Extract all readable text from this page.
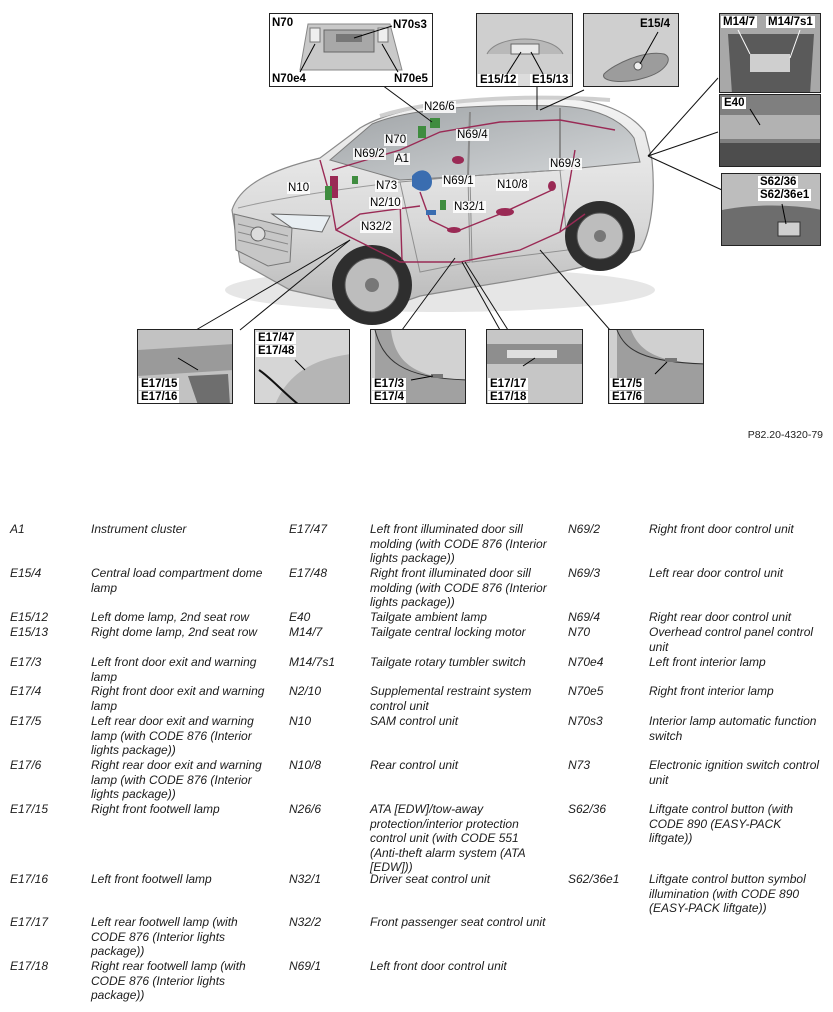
N26/6
N70	N69/4
N69/2 A1	N69/3
N10	N73	N69/1 N10/8
N2/10	N32/1
N32/2
N70	N70s3
N70e4	N70e5	E15/12 E15/13
E15/4	M14/7 M14/7s1
E40
S62/36
S62/36e1
E17/15
E17/16
E17/47
E17/48
E17/3
E17/4
E17/17
E17/18
E17/5
E17/6
P82.20-4320-79
A1	Instrument cluster
E15/4	Central load compartment dome lamp
E15/12	Left dome lamp, 2nd seat row
E15/13	Right dome lamp, 2nd seat row
E17/3	Left front door exit and warning lamp
E17/4	Right front door exit and warning lamp
E17/5	Left rear door exit and warning lamp (with CODE 876 (Interior lights package))
E17/6	Right rear door exit and warning lamp (with CODE 876 (Interior lights package))
E17/15	Right front footwell lamp
E17/16	Left front footwell lamp
E17/17	Left rear footwell lamp (with CODE 876 (Interior lights package))
E17/18	Right rear footwell lamp (with CODE 876 (Interior lights package))
E17/47	Left front illuminated door sill molding (with CODE 876 (Interior lights package))
E17/48	Right front illuminated door sill molding (with CODE 876 (Interior lights package))
E40	Tailgate ambient lamp
M14/7	Tailgate central locking motor
M14/7s1	Tailgate rotary tumbler switch
N2/10	Supplemental restraint system control unit
N10	SAM control unit
N10/8	Rear control unit
N26/6	ATA [EDW]/tow-away protection/interior protection control unit (with CODE 551 (Anti-theft alarm system (ATA [EDW]))
N32/1	Driver seat control unit
N32/2	Front passenger seat control unit
N69/1	Left front door control unit
N69/2	Right front door control unit
N69/3	Left rear door control unit
N69/4	Right rear door control unit
N70	Overhead control panel control unit
N70e4	Left front interior lamp
N70e5	Right front interior lamp
N70s3	Interior lamp automatic function switch
N73	Electronic ignition switch control unit
S62/36	Liftgate control button (with CODE 890 (EASY-PACK liftgate))
S62/36e1 Liftgate control button symbol illumination (with CODE 890 (EASY-PACK liftgate))
